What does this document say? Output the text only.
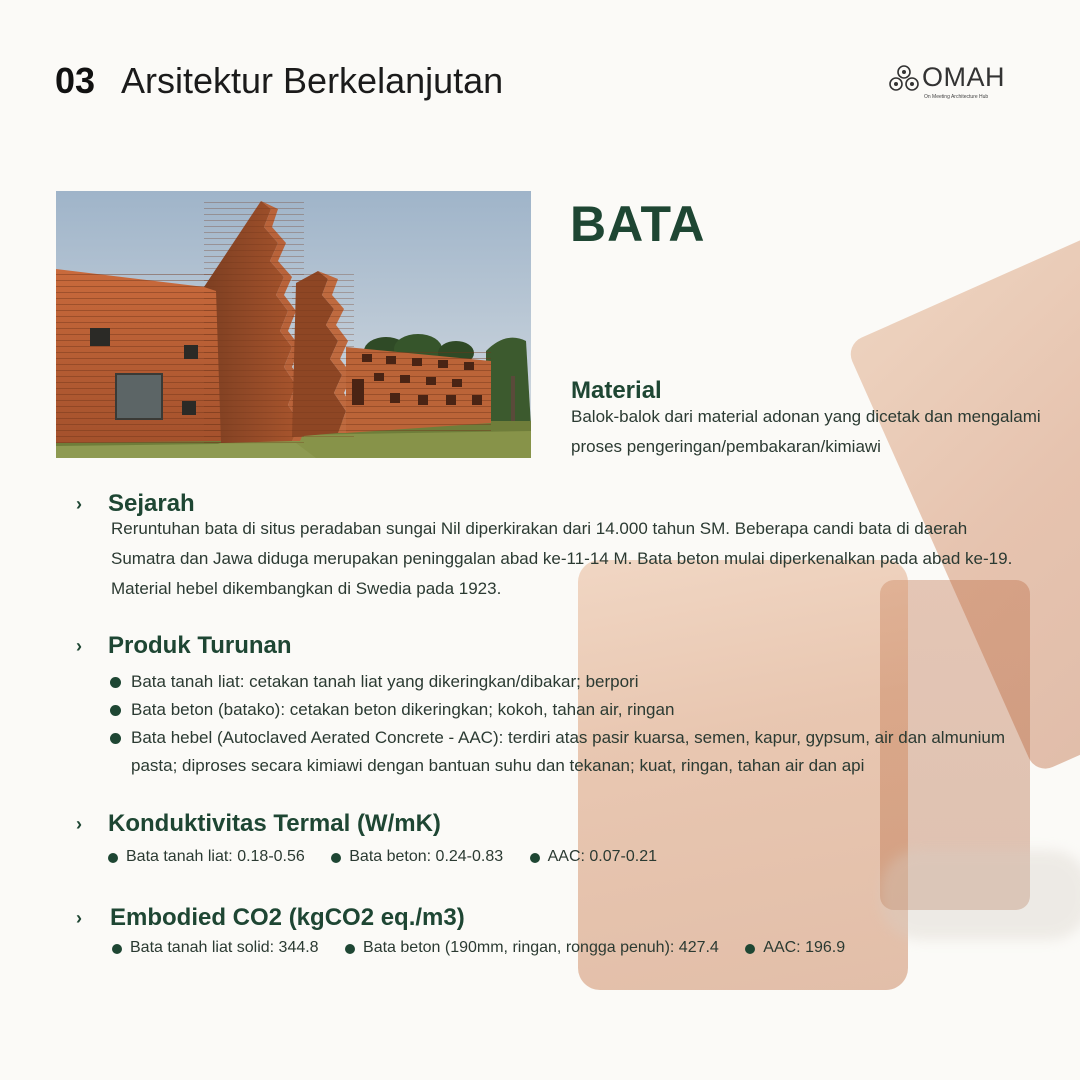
03 Arsitektur Berkelanjutan	OMAH
On Meeting Architecture Hub
BATA
Material
Balok-balok dari material adonan yang dicetak dan mengalami proses pengeringan/pembakaran/kimiawi
› Sejarah
Reruntuhan bata di situs peradaban sungai Nil diperkirakan dari 14.000 tahun SM. Beberapa candi bata di daerah Sumatra dan Jawa diduga merupakan peninggalan abad ke-11-14 M. Bata beton mulai diperkenalkan pada abad ke-19. Material hebel dikembangkan di Swedia pada 1923.
› Produk Turunan
Bata tanah liat: cetakan tanah liat yang dikeringkan/dibakar; berpori
Bata beton (batako): cetakan beton dikeringkan; kokoh, tahan air, ringan
Bata hebel (Autoclaved Aerated Concrete - AAC): terdiri atas pasir kuarsa, semen, kapur, gypsum, air dan almunium pasta; diproses secara kimiawi dengan bantuan suhu dan tekanan; kuat, ringan, tahan air dan api
› Konduktivitas Termal (W/mK)
Bata tanah liat: 0.18-0.56	Bata beton: 0.24-0.83	AAC: 0.07-0.21
› Embodied CO2 (kgCO2 eq./m3)
Bata tanah liat solid: 344.8	Bata beton (190mm, ringan, rongga penuh): 427.4	AAC: 196.9
